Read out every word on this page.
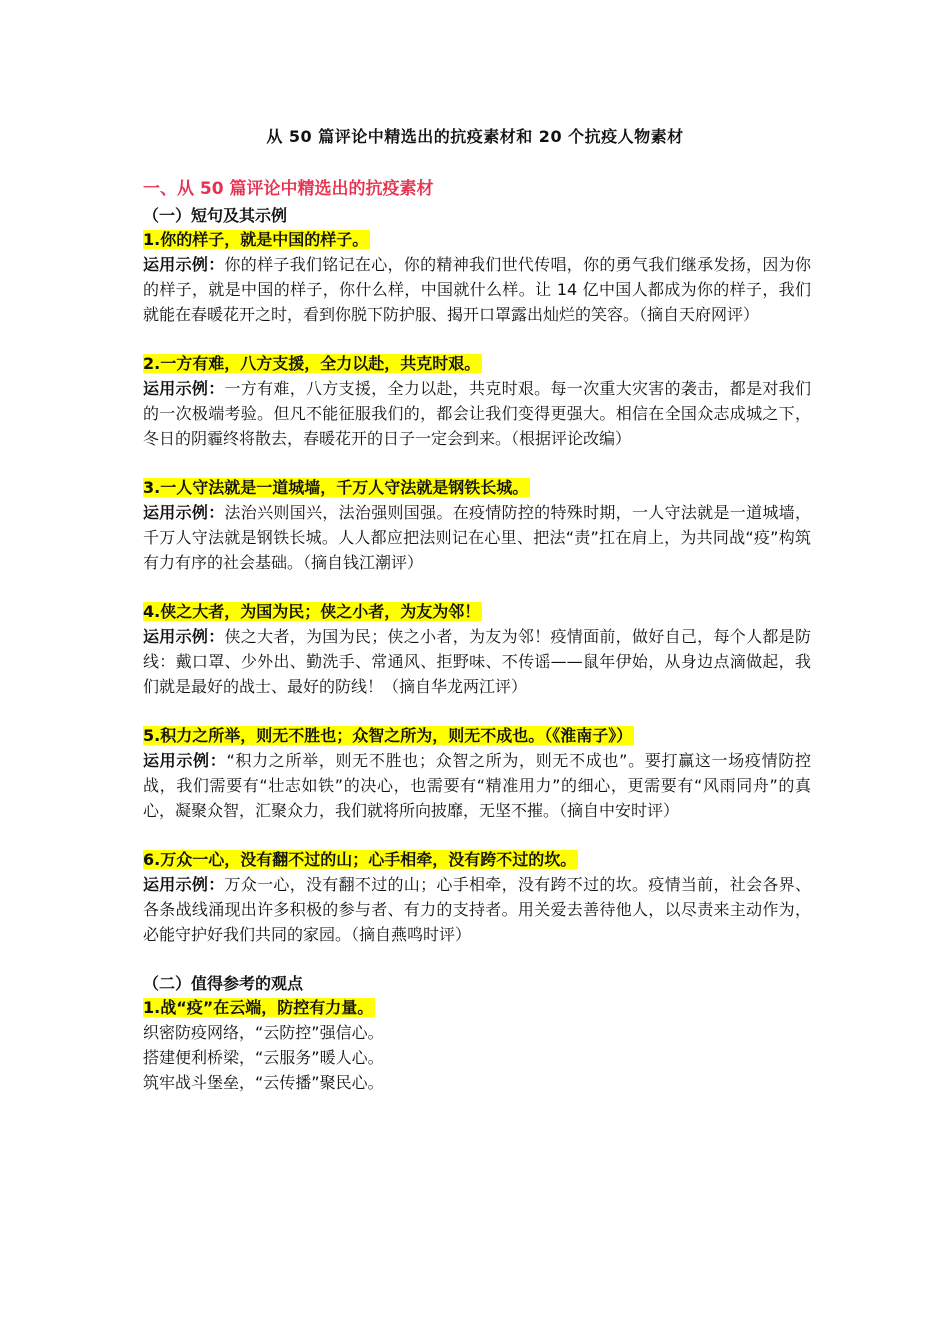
从 50 篇评论中精选出的抗疫素材和 20 个抗疫人物素材
一、从 50 篇评论中精选出的抗疫素材
（一）短句及其示例

1.你的样子，就是中国的样子。

运用示例：你的样子我们铭记在心，你的精神我们世代传唱，你的勇气我们继承发扬，因为你的样子，就是中国的样子，你什么样，中国就什么样。让 14 亿中国人都成为你的样子，我们就能在春暖花开之时，看到你脱下防护服、揭开口罩露出灿烂的笑容。（摘自天府网评）

2.一方有难，八方支援，全力以赴，共克时艰。

运用示例：一方有难，八方支援，全力以赴，共克时艰。每一次重大灾害的袭击，都是对我们的一次极端考验。但凡不能征服我们的，都会让我们变得更强大。相信在全国众志成城之下，冬日的阴霾终将散去，春暖花开的日子一定会到来。（根据评论改编）

3.一人守法就是一道城墙，千万人守法就是钢铁长城。

运用示例：法治兴则国兴，法治强则国强。在疫情防控的特殊时期，一人守法就是一道城墙，千万人守法就是钢铁长城。人人都应把法则记在心里、把法“责”扛在肩上，为共同战“疫”构筑有力有序的社会基础。（摘自钱江潮评）

4.侠之大者，为国为民；侠之小者，为友为邻！

运用示例：侠之大者，为国为民；侠之小者，为友为邻！疫情面前，做好自己，每个人都是防线：戴口罩、少外出、勤洗手、常通风、拒野味、不传谣——鼠年伊始，从身边点滴做起，我们就是最好的战士、最好的防线！（摘自华龙两江评）

5.积力之所举，则无不胜也；众智之所为，则无不成也。（《淮南子》）

运用示例：“积力之所举，则无不胜也；众智之所为，则无不成也”。要打赢这一场疫情防控战，我们需要有“壮志如铁”的决心，也需要有“精准用力”的细心，更需要有“风雨同舟”的真心，凝聚众智，汇聚众力，我们就将所向披靡，无坚不摧。（摘自中安时评）

6.万众一心，没有翻不过的山；心手相牵，没有跨不过的坎。

运用示例：万众一心，没有翻不过的山；心手相牵，没有跨不过的坎。疫情当前，社会各界、各条战线涌现出许多积极的参与者、有力的支持者。用关爱去善待他人，以尽责来主动作为，必能守护好我们共同的家园。（摘自燕鸣时评）

（二）值得参考的观点

1.战“疫”在云端，防控有力量。

织密防疫网络，“云防控”强信心。

搭建便利桥梁，“云服务”暖人心。

筑牢战斗堡垒，“云传播”聚民心。
